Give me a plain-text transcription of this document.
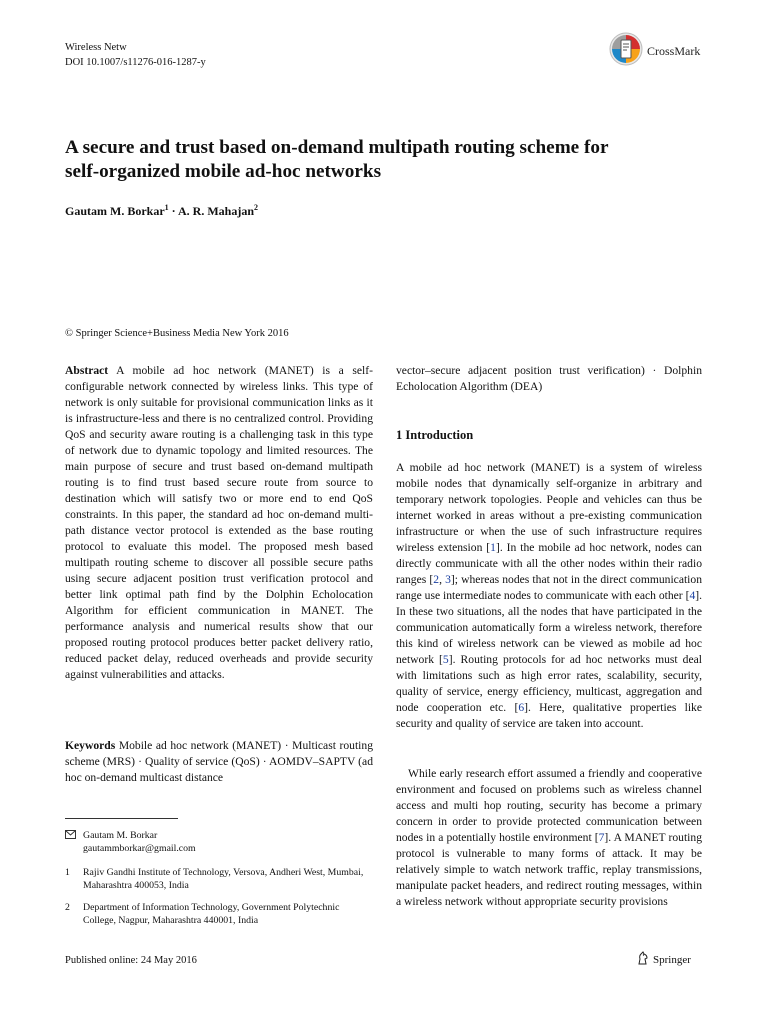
Wireless Netw
DOI 10.1007/s11276-016-1287-y
CrossMark
A secure and trust based on-demand multipath routing scheme for self-organized mobile ad-hoc networks
Gautam M. Borkar$^1$ · A. R. Mahajan$^2$
© Springer Science+Business Media New York 2016
Abstract A mobile ad hoc network (MANET) is a self-configurable network connected by wireless links. This type of network is only suitable for provisional communication links as it is infrastructure-less and there is no centralized control. Providing QoS and security aware routing is a challenging task in this type of network due to dynamic topology and limited resources. The main purpose of secure and trust based on-demand multipath routing is to find trust based secure route from source to destination which will satisfy two or more end to end QoS constraints. In this paper, the standard ad hoc on-demand multi-path distance vector protocol is extended as the base routing protocol to evaluate this model. The proposed mesh based multipath routing scheme to discover all possible secure paths using secure adjacent position trust verification protocol and better link optimal path find by the Dolphin Echolocation Algorithm for efficient communication in MANET. The performance analysis and numerical results show that our proposed routing protocol produces better packet delivery ratio, reduced packet delay, reduced overheads and provide security against vulnerabilities and attacks.
Keywords Mobile ad hoc network (MANET) · Multicast routing scheme (MRS) · Quality of service (QoS) · AOMDV–SAPTV (ad hoc on-demand multicast distance
Gautam M. Borkar
gautammborkar@gmail.com
1 Rajiv Gandhi Institute of Technology, Versova, Andheri West, Mumbai, Maharashtra 400053, India
2 Department of Information Technology, Government Polytechnic College, Nagpur, Maharashtra 440001, India
vector–secure adjacent position trust verification) · Dolphin Echolocation Algorithm (DEA)
1 Introduction
A mobile ad hoc network (MANET) is a system of wireless mobile nodes that dynamically self-organize in arbitrary and temporary network topologies. People and vehicles can thus be internet worked in areas without a pre-existing communication infrastructure or when the use of such infrastructure requires wireless extension [1]. In the mobile ad hoc network, nodes can directly communicate with all the other nodes within their radio ranges [2, 3]; whereas nodes that not in the direct communication range use intermediate nodes to communicate with each other [4]. In these two situations, all the nodes that have participated in the communication automatically form a wireless network, therefore this kind of wireless network can be viewed as mobile ad hoc network [5]. Routing protocols for ad hoc networks must deal with limitations such as high error rates, scalability, security, quality of service, energy efficiency, multicast, aggregation and node cooperation etc. [6]. Here, qualitative properties like security and quality of service are taken into account.
While early research effort assumed a friendly and cooperative environment and focused on problems such as wireless channel access and multi hop routing, security has become a primary concern in order to provide protected communication between nodes in a potentially hostile environment [7]. A MANET routing protocol is vulnerable to many forms of attack. It may be relatively simple to watch network traffic, replay transmissions, manipulate packet headers, and redirect routing messages, within a wireless network without appropriate security provisions
Published online: 24 May 2016	Springer
